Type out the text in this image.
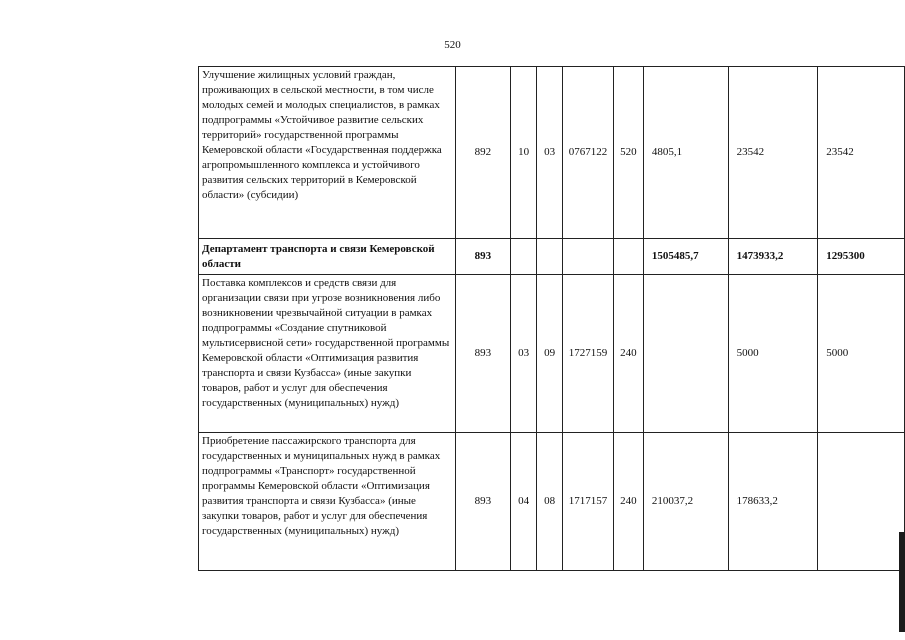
520
Улучшение жилищных условий граждан, проживающих в сельской местности, в том числе молодых семей и молодых специалистов, в рамках подпрограммы «Устойчивое развитие сельских территорий» государственной программы Кемеровской области «Государственная поддержка агропромышленного комплекса и устойчивого развития сельских территорий в Кемеровской области» (субсидии)	892	10	03	0767122	520	4805,1	23542	23542
Департамент транспорта и связи Кемеровской области	893					1505485,7	1473933,2	1295300
Поставка комплексов и средств связи для организации связи при угрозе возникновения либо возникновении чрезвычайной ситуации в рамках подпрограммы «Создание спутниковой мультисервисной сети» государственной программы Кемеровской области «Оптимизация развития транспорта и связи Кузбасса» (иные закупки товаров, работ и услуг для обеспечения государственных (муниципальных) нужд)	893	03	09	1727159	240		5000	5000
Приобретение пассажирского транспорта для государственных и муниципальных нужд в рамках подпрограммы «Транспорт» государственной программы Кемеровской области «Оптимизация развития транспорта и связи Кузбасса» (иные закупки товаров, работ и услуг для обеспечения государственных (муниципальных) нужд)	893	04	08	1717157	240	210037,2	178633,2	
